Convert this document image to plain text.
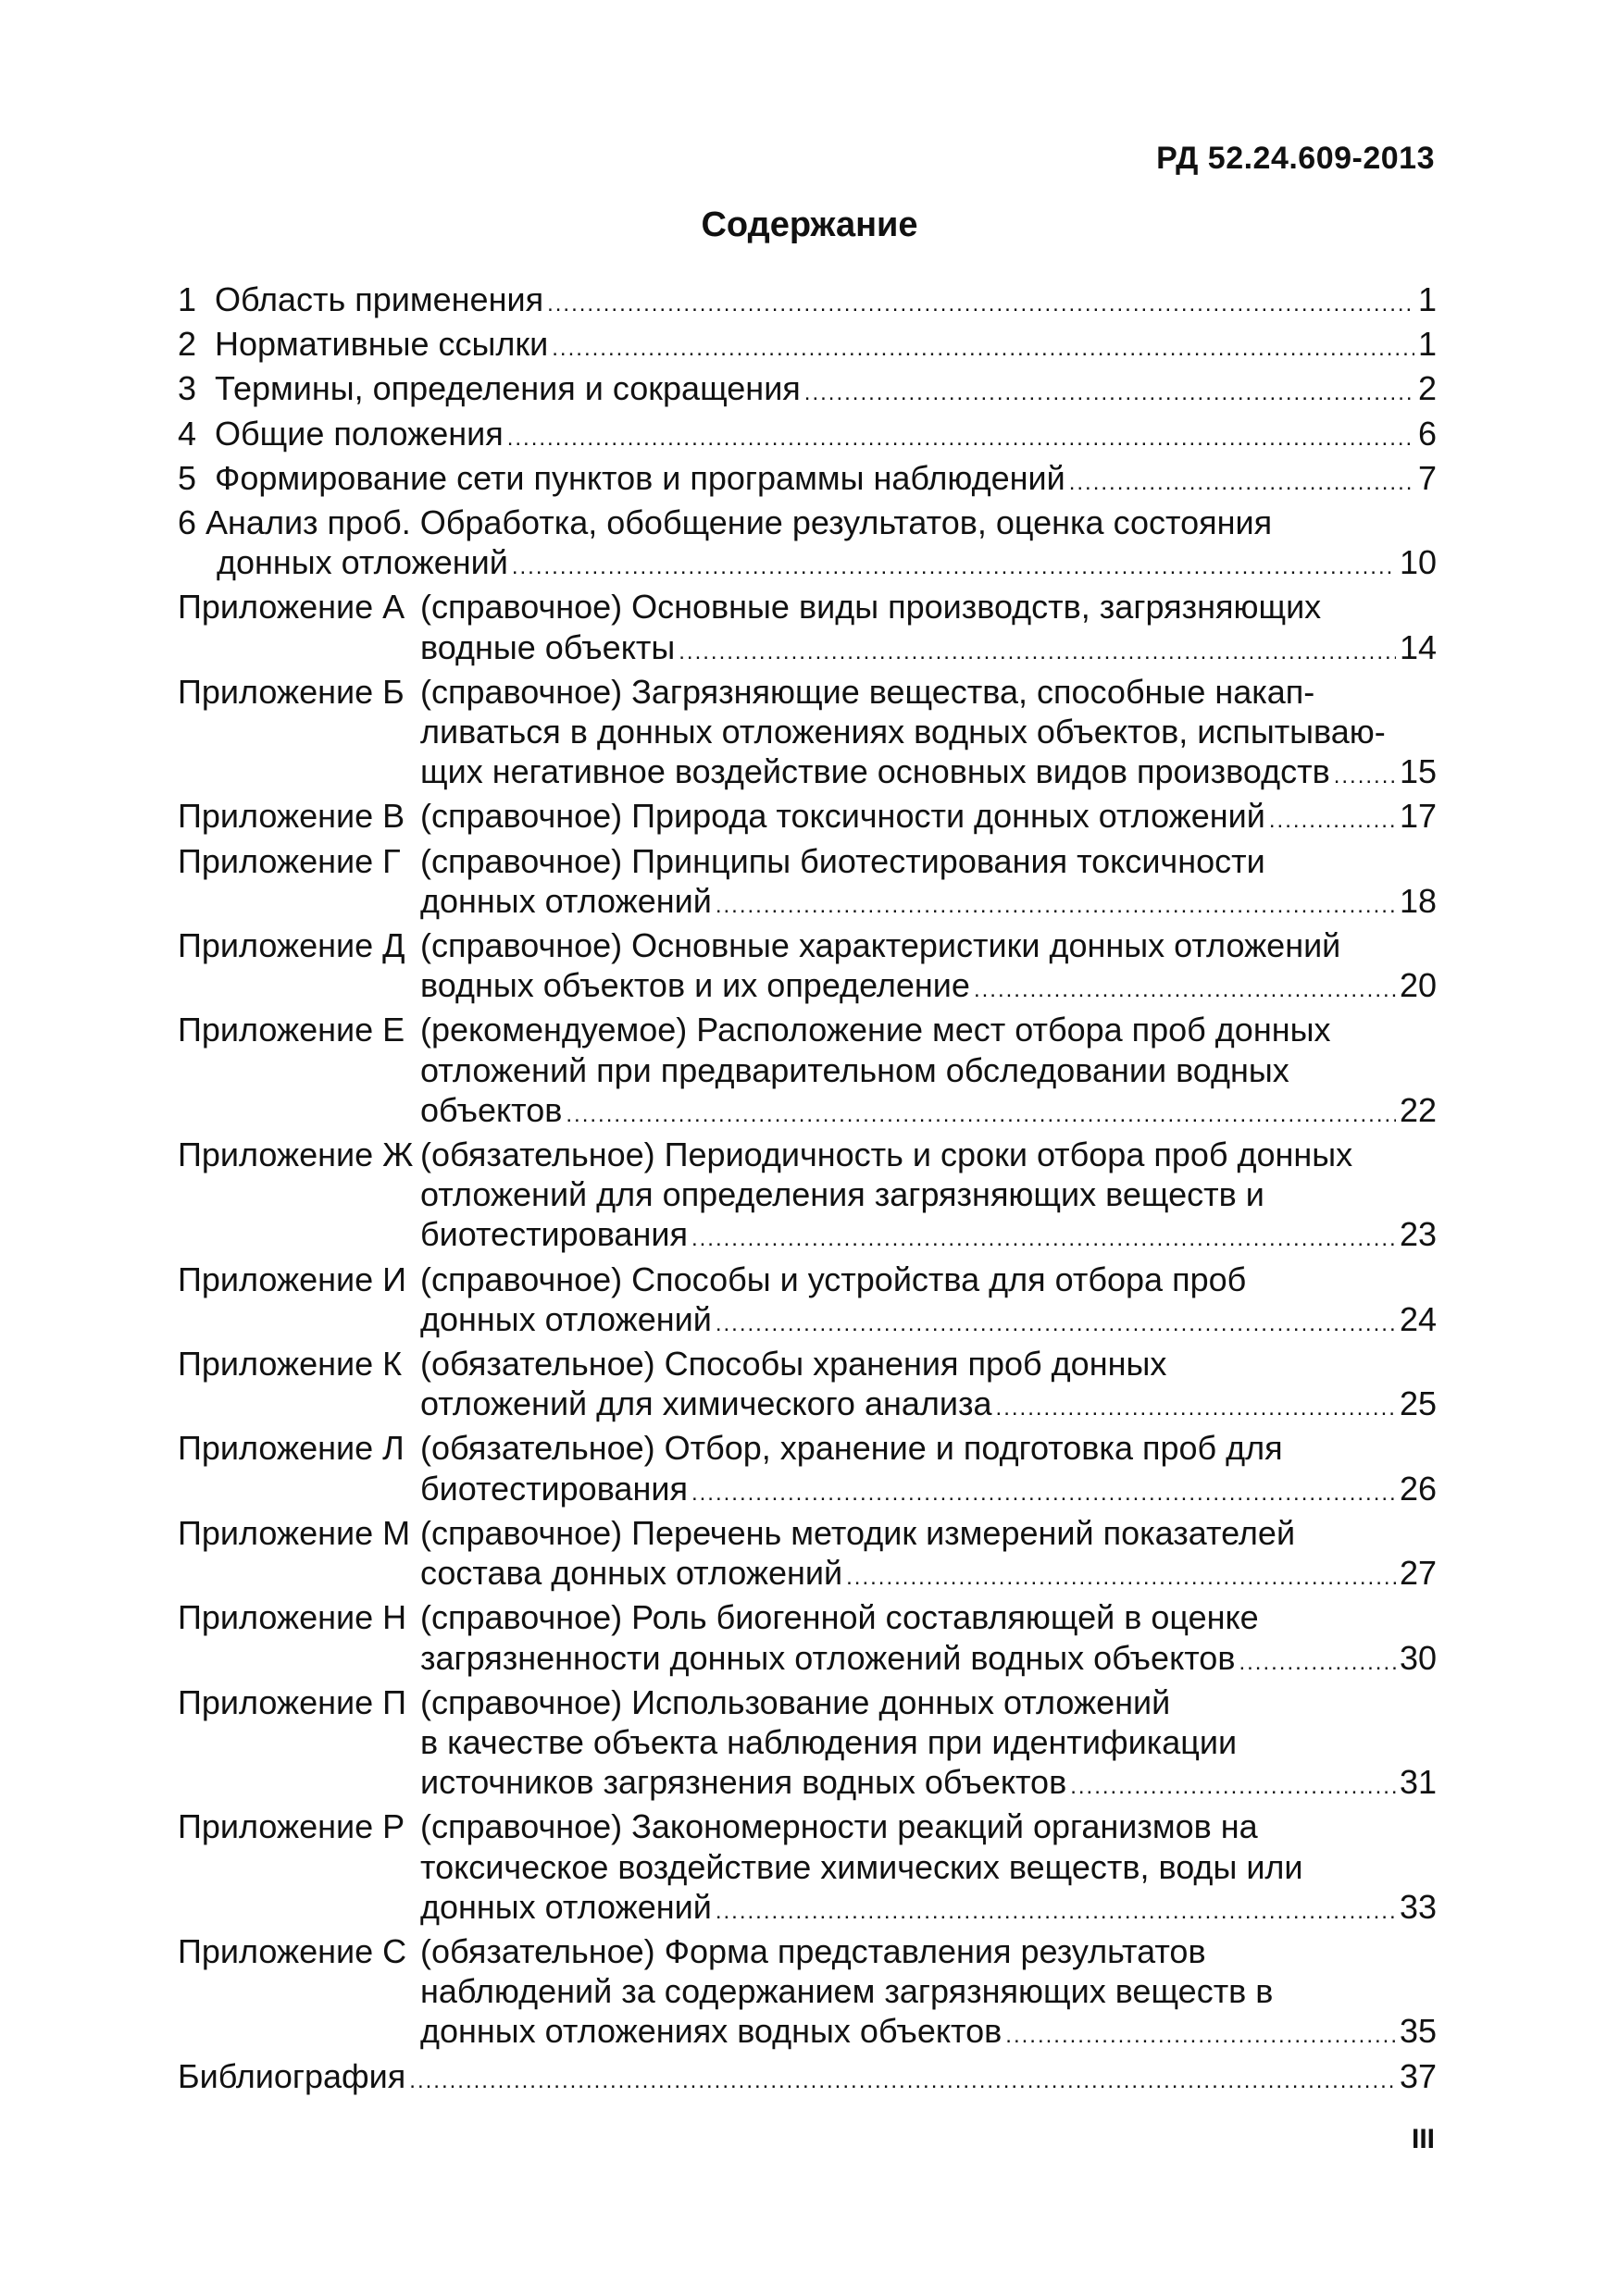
РД 52.24.609-2013
Содержание
1 Область применения .....	1
2 Нормативные ссылки .....	1
3 Термины, определения и сокращения .....	2
4 Общие положения .....	6
5 Формирование сети пунктов и программы наблюдений .....	7
6 Анализ проб. Обработка, обобщение результатов, оценка состояния
донных отложений .....	10
Приложение А (справочное) Основные виды производств, загрязняющих
водные объекты .....	14
Приложение Б (справочное) Загрязняющие вещества, способные накап-
ливаться в донных отложениях водных объектов, испытываю-
щих негативное воздействие основных видов производств ..... 15
Приложение В (справочное) Природа токсичности донных отложений .....	17
Приложение Г (справочное) Принципы биотестирования токсичности
донных отложений .....	18
Приложение Д (справочное) Основные характеристики донных отложений
водных объектов и их определение .....	20
Приложение Е (рекомендуемое) Расположение мест отбора проб донных
отложений при предварительном обследовании водных
объектов .....	22
Приложение Ж (обязательное) Периодичность и сроки отбора проб донных
отложений для определения загрязняющих веществ и
биотестирования .....	23
Приложение И (справочное) Способы и устройства для отбора проб
донных отложений .....	24
Приложение К (обязательное) Способы хранения проб донных
отложений для химического анализа .....	25
Приложение Л (обязательное) Отбор, хранение и подготовка проб для
биотестирования .....	26
Приложение М (справочное) Перечень методик измерений показателей
состава донных отложений .....	27
Приложение Н (справочное) Роль биогенной составляющей в оценке
загрязненности донных отложений водных объектов .....	30
Приложение П (справочное) Использование донных отложений
в качестве объекта наблюдения при идентификации
источников загрязнения водных объектов .....	31
Приложение Р (справочное) Закономерности реакций организмов на
токсическое воздействие химических веществ, воды или
донных отложений .....	33
Приложение С (обязательное) Форма представления результатов
наблюдений за содержанием загрязняющих веществ в
донных отложениях водных объектов .....	35
Библиография .....	37
III
